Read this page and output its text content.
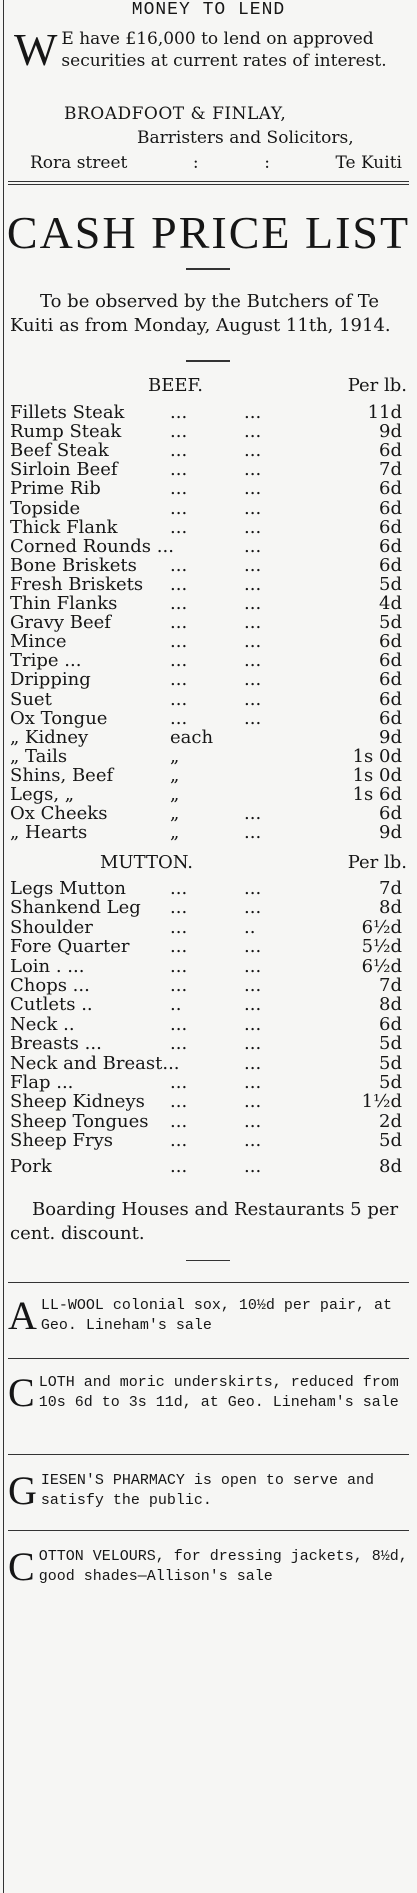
MONEY TO LEND
W E have £16,000 to lend on approved securities at current rates of interest.
BROADFOOT & FINLAY,
Barristers and Solicitors,
Rora street	:	:	Te Kuiti
CASH PRICE LIST
To be observed by the Butchers of Te Kuiti as from Monday, August 11th, 1914.
BEEF.	Per lb.
Fillets Steak	...	...	11d
Rump Steak	...	...	9d
Beef Steak	...	...	6d
Sirloin Beef	...	...	7d
Prime Rib	...	...	6d
Topside	...	...	6d
Thick Flank	...	...	6d
Corned Rounds ...	...	6d
Bone Briskets ...	...	6d
Fresh Briskets ...	...	5d
Thin Flanks	...	...	4d
Gravy Beef	...	...	5d
Mince	...	...	6d
Tripe ...	...	...	6d
Dripping	...	...	6d
Suet	...	...	6d
Ox Tongue	...	...	6d
„ Kidney	each	9d
„ Tails	„	1s 0d
Shins, Beef	„	1s 0d
Legs, „	„	1s 6d
Ox Cheeks	„	...	6d
„ Hearts	„	...	9d
MUTTON.	Per lb.
Legs Mutton ...	...	7d
Shankend Leg ...	...	8d
Shoulder	...	..	6½d
Fore Quarter ...	...	5½d
Loin . ...	...	...	6½d
Chops ...	...	...	7d
Cutlets ..	..	...	8d
Neck ..	...	...	6d
Breasts ...	...	...	5d
Neck and Breast...	...	5d
Flap ...	...	...	5d
Sheep Kidneys ...	...	1½d
Sheep Tongues ...	...	2d
Sheep Frys	...	...	5d
Pork	...	...	8d
Boarding Houses and Restaurants 5 per cent. discount.
ALL-WOOL colonial sox, 10½d per pair, at Geo. Lineham's sale
CLOTH and moric underskirts, reduced from 10s 6d to 3s 11d, at Geo. Lineham's sale
GIESEN'S PHARMACY is open to serve and satisfy the public.
COTTON VELOURS, for dressing jackets, 8½d, good shades—Allison's sale
